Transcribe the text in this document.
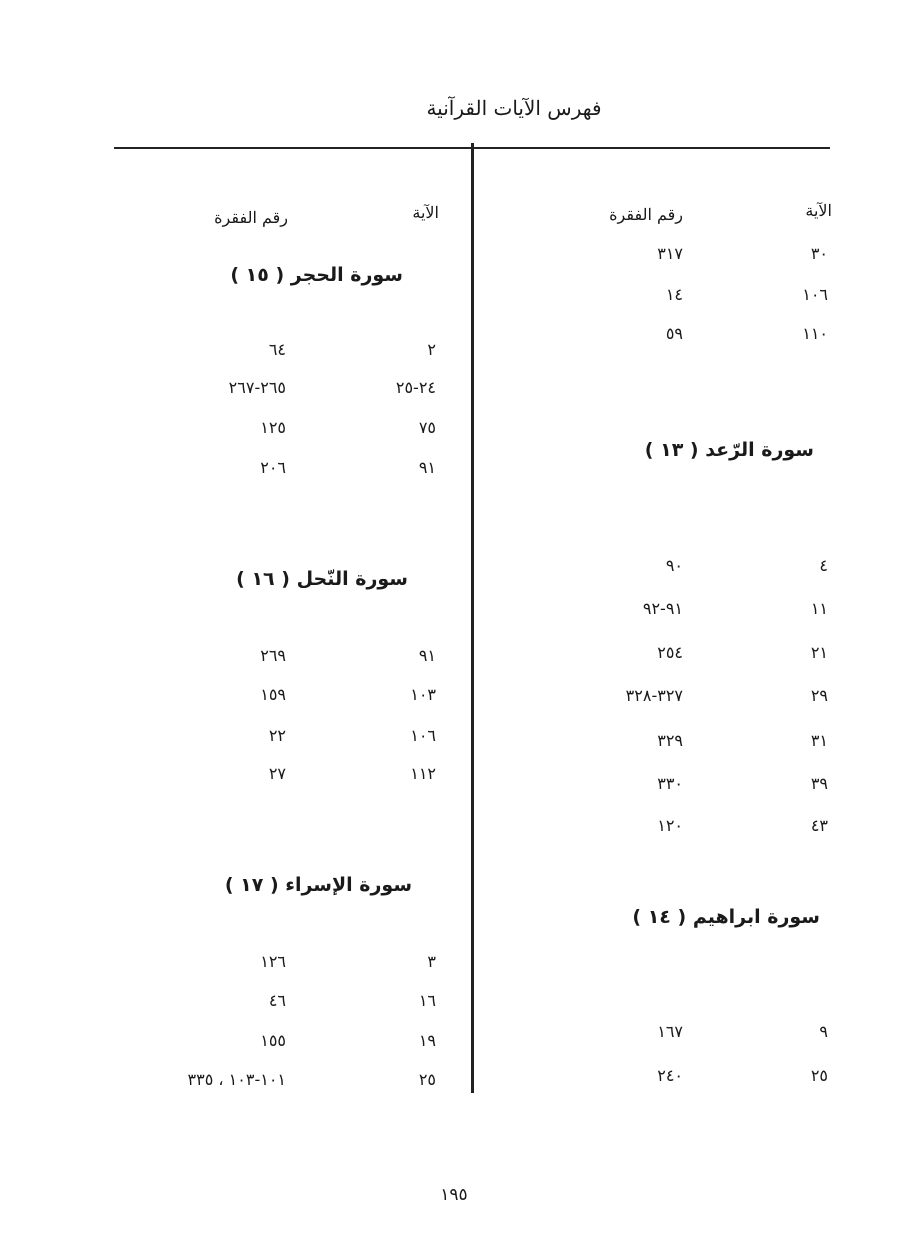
فهرس الآيات القرآنية
الآية
رقم الفقرة
٣٠
٣١٧
١٠٦
١٤
١١٠
٥٩
سورة الرّعد ( ١٣ )
٤
٩٠
١١
٩١-٩٢
٢١
٢٥٤
٢٩
٣٢٧-٣٢٨
٣١
٣٢٩
٣٩
٣٣٠
٤٣
١٢٠
سورة ابراهيم ( ١٤ )
٩
١٦٧
٢٥
٢٤٠
الآية
رقم الفقرة
سورة الحجر ( ١٥ )
٢
٦٤
٢٤-٢٥
٢٦٥-٢٦٧
٧٥
١٢٥
٩١
٢٠٦
سورة النّحل ( ١٦ )
٩١
٢٦٩
١٠٣
١٥٩
١٠٦
٢٢
١١٢
٢٧
سورة الإسراء ( ١٧ )
٣
١٢٦
١٦
٤٦
١٩
١٥٥
٢٥
١٠١-١٠٣ ، ٣٣٥
١٩٥
